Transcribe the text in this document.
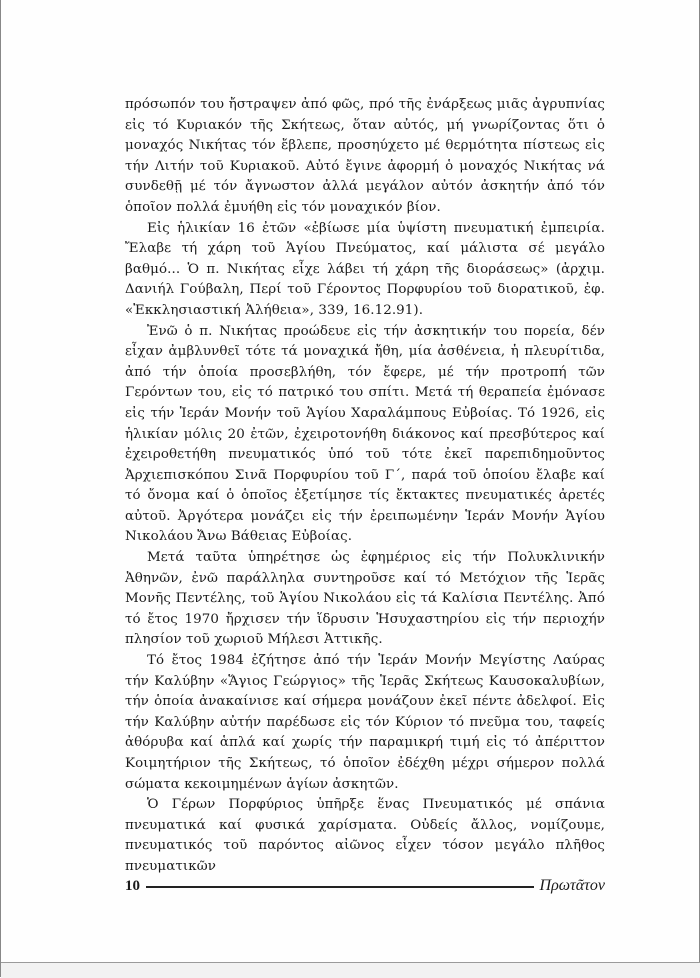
πρόσωπόν του ἤστραψεν ἀπό φῶς, πρό τῆς ἐνάρξεως μιᾶς ἀγρυπνίας εἰς τό Κυριακόν τῆς Σκήτεως, ὅταν αὐτός, μή γνωρίζοντας ὅτι ὁ μοναχός Νικήτας τόν ἔβλεπε, προσηύχετο μέ θερμότητα πίστεως εἰς τήν Λιτήν τοῦ Κυριακοῦ. Αὐτό ἔγινε ἀφορμή ὁ μοναχός Νικήτας νά συνδεθῇ μέ τόν ἄγνωστον ἀλλά μεγάλον αὐτόν ἀσκητήν ἀπό τόν ὁποῖον πολλά ἐμυήθη εἰς τόν μοναχικόν βίον.

Εἰς ἡλικίαν 16 ἐτῶν «ἐβίωσε μία ὑψίστη πνευματική ἐμπειρία. Ἔλαβε τή χάρη τοῦ Ἁγίου Πνεύματος, καί μάλιστα σέ μεγάλο βαθμό... Ὁ π. Νικήτας εἶχε λάβει τή χάρη τῆς διοράσεως» (ἀρχιμ. Δανιήλ Γούβαλη, Περί τοῦ Γέροντος Πορφυρίου τοῦ διορατικοῦ, ἐφ. «Ἐκκλησιαστική Ἀλήθεια», 339, 16.12.91).

Ἐνῶ ὁ π. Νικήτας προώδευε εἰς τήν ἀσκητικήν του πορεία, δέν εἶχαν ἀμβλυνθεῖ τότε τά μοναχικά ἤθη, μία ἀσθένεια, ἡ πλευρίτιδα, ἀπό τήν ὁποία προσεβλήθη, τόν ἔφερε, μέ τήν προτροπή τῶν Γερόντων του, εἰς τό πατρικό του σπίτι. Μετά τή θεραπεία ἐμόνασε εἰς τήν Ἱεράν Μονήν τοῦ Ἁγίου Χαραλάμπους Εὐβοίας. Τό 1926, εἰς ἡλικίαν μόλις 20 ἐτῶν, ἐχειροτονήθη διάκονος καί πρεσβύτερος καί ἐχειροθετήθη πνευματικός ὑπό τοῦ τότε ἐκεῖ παρεπιδημοῦντος Ἀρχιεπισκόπου Σινᾶ Πορφυρίου τοῦ Γ΄, παρά τοῦ ὁποίου ἔλαβε καί τό ὄνομα καί ὁ ὁποῖος ἐξετίμησε τίς ἔκτακτες πνευματικές ἀρετές αὐτοῦ. Ἀργότερα μονάζει εἰς τήν ἐρειπωμένην Ἱεράν Μονήν Ἁγίου Νικολάου Ἄνω Βάθειας Εὐβοίας.

Μετά ταῦτα ὑπηρέτησε ὡς ἐφημέριος εἰς τήν Πολυκλινικήν Ἀθηνῶν, ἐνῶ παράλληλα συντηροῦσε καί τό Μετόχιον τῆς Ἱερᾶς Μονῆς Πεντέλης, τοῦ Ἁγίου Νικολάου εἰς τά Καλίσια Πεντέλης. Ἀπό τό ἔτος 1970 ἤρχισεν τήν ἵδρυσιν Ἡσυχαστηρίου εἰς τήν περιοχήν πλησίον τοῦ χωριοῦ Μήλεσι Ἀττικῆς.

Τό ἔτος 1984 ἐζήτησε ἀπό τήν Ἱεράν Μονήν Μεγίστης Λαύρας τήν Καλύβην «Ἅγιος Γεώργιος» τῆς Ἱερᾶς Σκήτεως Καυσοκαλυβίων, τήν ὁποία ἀνακαίνισε καί σήμερα μονάζουν ἐκεῖ πέντε ἀδελφοί. Εἰς τήν Καλύβην αὐτήν παρέδωσε εἰς τόν Κύριον τό πνεῦμα του, ταφείς ἀθόρυβα καί ἁπλά καί χωρίς τήν παραμικρή τιμή εἰς τό ἀπέριττον Κοιμητήριον τῆς Σκήτεως, τό ὁποῖον ἐδέχθη μέχρι σήμερον πολλά σώματα κεκοιμημένων ἁγίων ἀσκητῶν.

Ὁ Γέρων Πορφύριος ὑπῆρξε ἕνας Πνευματικός μέ σπάνια πνευματικά καί φυσικά χαρίσματα. Οὐδείς ἄλλος, νομίζουμε, πνευματικός τοῦ παρόντος αἰῶνος εἶχεν τόσον μεγάλο πλῆθος πνευματικῶν

10	Πρωτᾶτον
